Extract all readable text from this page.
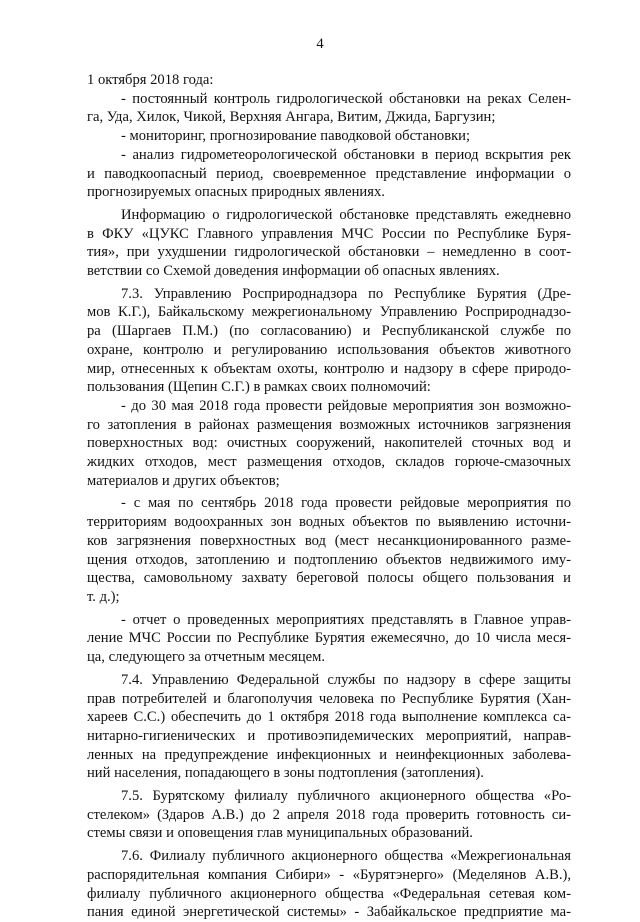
4

1 октября 2018 года:

- постоянный контроль гидрологической обстановки на реках Селен-

га, Уда, Хилок, Чикой, Верхняя Ангара, Витим, Джида, Баргузин;

- мониторинг, прогнозирование паводковой обстановки;

- анализ гидрометеорологической обстановки в период вскрытия рек

и паводкоопасный период, своевременное представление информации о

прогнозируемых опасных природных явлениях.

Информацию о гидрологической обстановке представлять ежедневно

в ФКУ «ЦУКС Главного управления МЧС России по Республике Буря-

тия», при ухудшении гидрологической обстановки – немедленно в соот-

ветствии со Схемой доведения информации об опасных явлениях.

7.3. Управлению Росприроднадзора по Республике Бурятия (Дре-

мов К.Г.), Байкальскому межрегиональному Управлению Росприроднадзо-

ра (Шаргаев П.М.) (по согласованию) и Республиканской службе по

охране, контролю и регулированию использования объектов животного

мир, отнесенных к объектам охоты, контролю и надзору в сфере природо-

пользования (Щепин С.Г.) в рамках своих полномочий:

- до 30 мая 2018 года провести рейдовые мероприятия зон возможно-

го затопления в районах размещения возможных источников загрязнения

поверхностных вод: очистных сооружений, накопителей сточных вод и

жидких отходов, мест размещения отходов, складов горюче-смазочных

материалов и других объектов;

- с мая по сентябрь 2018 года провести рейдовые мероприятия по

территориям водоохранных зон водных объектов по выявлению источни-

ков загрязнения поверхностных вод (мест несанкционированного разме-

щения отходов, затоплению и подтоплению объектов недвижимого иму-

щества, самовольному захвату береговой полосы общего пользования и

т. д.);

- отчет о проведенных мероприятиях представлять в Главное управ-

ление МЧС России по Республике Бурятия ежемесячно, до 10 числа меся-

ца, следующего за отчетным месяцем.

7.4. Управлению Федеральной службы по надзору в сфере защиты

прав потребителей и благополучия человека по Республике Бурятия (Хан-

хареев С.С.) обеспечить до 1 октября 2018 года выполнение комплекса са-

нитарно-гигиенических и противоэпидемических мероприятий, направ-

ленных на предупреждение инфекционных и неинфекционных заболева-

ний населения, попадающего в зоны подтопления (затопления).

7.5. Бурятскому филиалу публичного акционерного общества «Ро-

стелеком» (Здаров А.В.) до 2 апреля 2018 года проверить готовность си-

стемы связи и оповещения глав муниципальных образований.

7.6. Филиалу публичного акционерного общества «Межрегиональная

распорядительная компания Сибири» - «Бурятэнерго» (Меделянов А.В.),

филиалу публичного акционерного общества «Федеральная сетевая ком-

пания единой энергетической системы» - Забайкальское предприятие ма-
